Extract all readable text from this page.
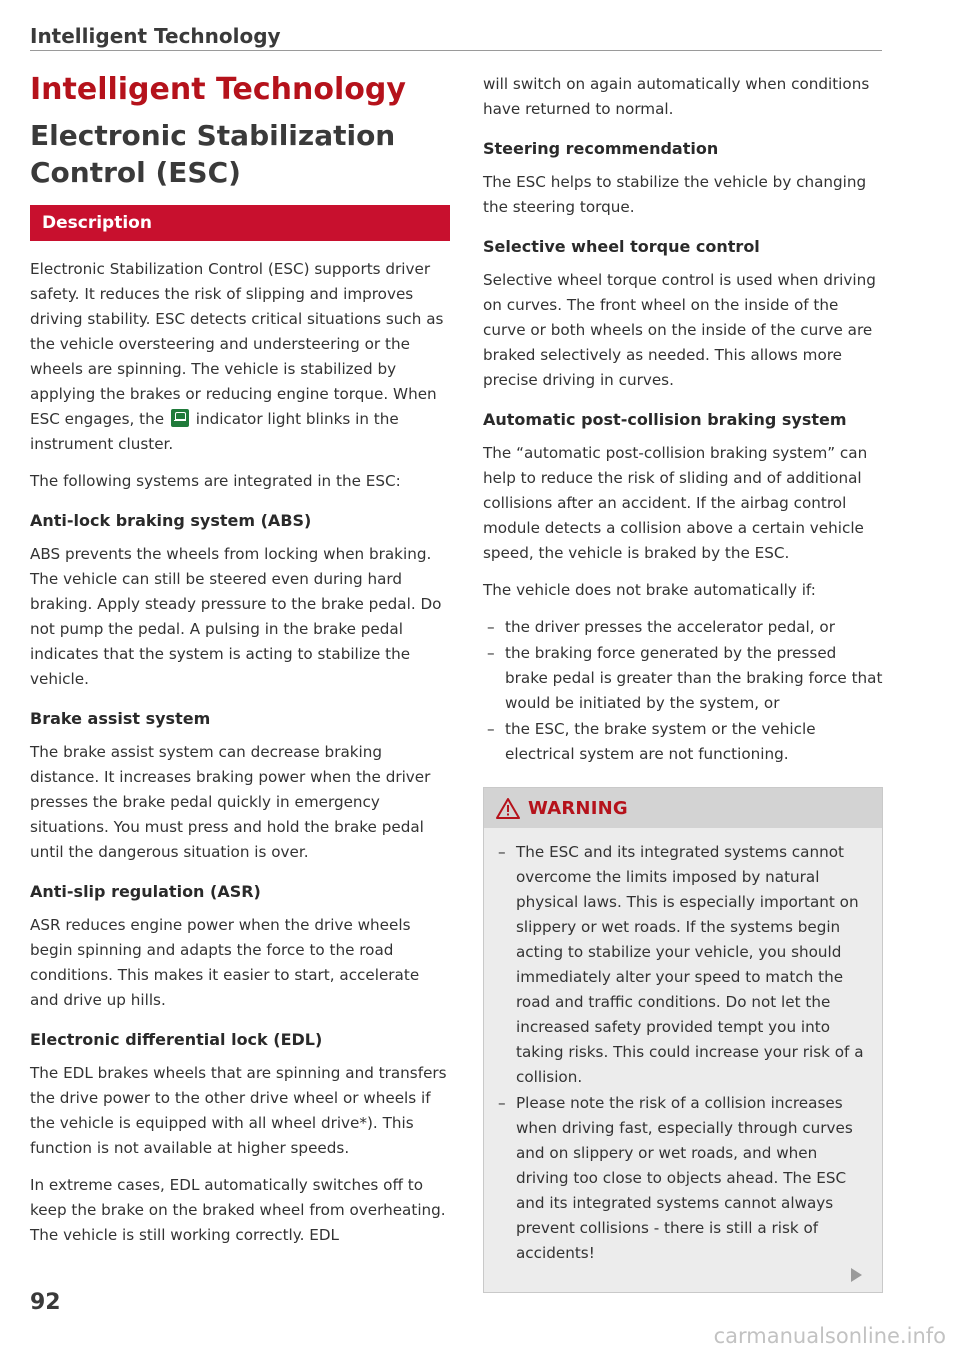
Intelligent Technology
Intelligent Technology
Electronic Stabilization Control (ESC)
Description

Electronic Stabilization Control (ESC) supports driver safety. It reduces the risk of slipping and improves driving stability. ESC detects critical situations such as the vehicle oversteering and understeering or the wheels are spinning. The vehicle is stabilized by applying the brakes or reducing engine torque. When ESC engages, the indicator light blinks in the instrument cluster.

The following systems are integrated in the ESC:

Anti-lock braking system (ABS)

ABS prevents the wheels from locking when braking. The vehicle can still be steered even during hard braking. Apply steady pressure to the brake pedal. Do not pump the pedal. A pulsing in the brake pedal indicates that the system is acting to stabilize the vehicle.

Brake assist system

The brake assist system can decrease braking distance. It increases braking power when the driver presses the brake pedal quickly in emergency situations. You must press and hold the brake pedal until the dangerous situation is over.

Anti-slip regulation (ASR)

ASR reduces engine power when the drive wheels begin spinning and adapts the force to the road conditions. This makes it easier to start, accelerate and drive up hills.

Electronic differential lock (EDL)

The EDL brakes wheels that are spinning and transfers the drive power to the other drive wheel or wheels if the vehicle is equipped with all wheel drive*). This function is not available at higher speeds.

In extreme cases, EDL automatically switches off to keep the brake on the braked wheel from overheating. The vehicle is still working correctly. EDL

will switch on again automatically when conditions have returned to normal.

Steering recommendation

The ESC helps to stabilize the vehicle by changing the steering torque.

Selective wheel torque control

Selective wheel torque control is used when driving on curves. The front wheel on the inside of the curve or both wheels on the inside of the curve are braked selectively as needed. This allows more precise driving in curves.

Automatic post-collision braking system

The “automatic post-collision braking system” can help to reduce the risk of sliding and of additional collisions after an accident. If the airbag control module detects a collision above a certain vehicle speed, the vehicle is braked by the ESC.

The vehicle does not brake automatically if:

– the driver presses the accelerator pedal, or
– the braking force generated by the pressed brake pedal is greater than the braking force that would be initiated by the system, or
– the ESC, the brake system or the vehicle electrical system are not functioning.
WARNING
– The ESC and its integrated systems cannot overcome the limits imposed by natural physical laws. This is especially important on slippery or wet roads. If the systems begin acting to stabilize your vehicle, you should immediately alter your speed to match the road and traffic conditions. Do not let the increased safety provided tempt you into taking risks. This could increase your risk of a collision.
– Please note the risk of a collision increases when driving fast, especially through curves and on slippery or wet roads, and when driving too close to objects ahead. The ESC and its integrated systems cannot always prevent collisions - there is still a risk of accidents!
92
carmanualsonline.info
